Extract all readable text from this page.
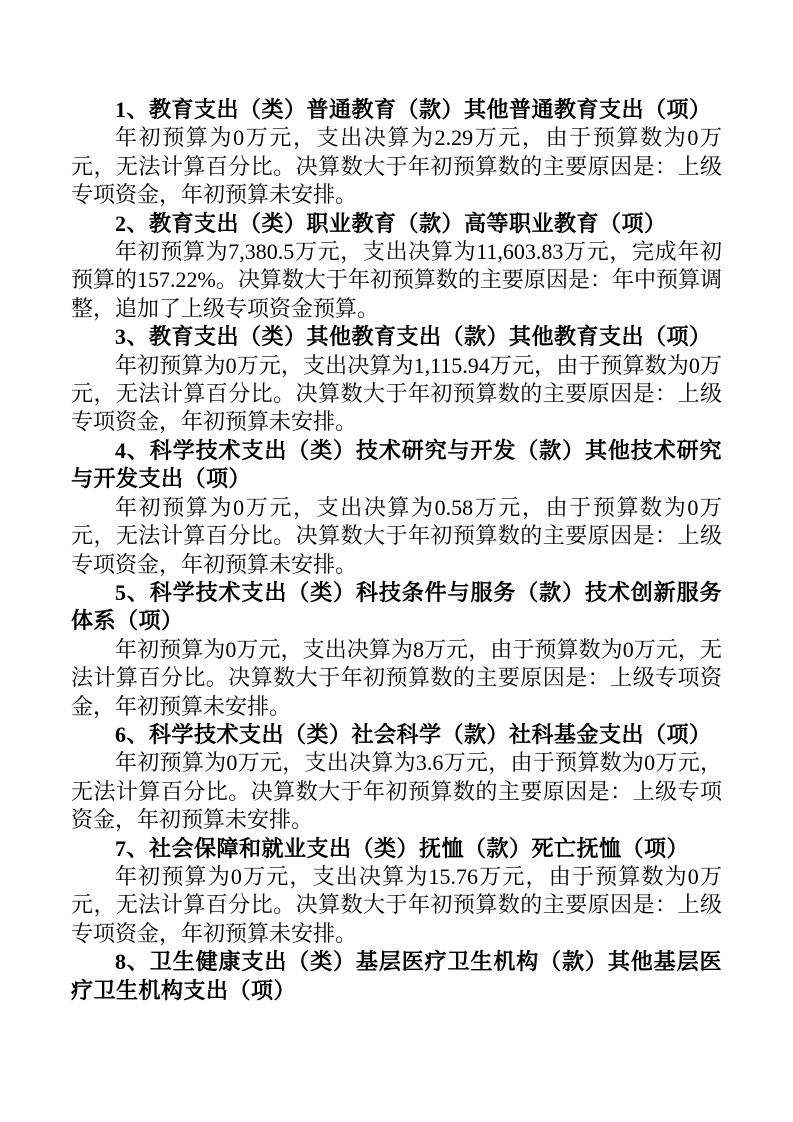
1、教育支出（类）普通教育（款）其他普通教育支出（项）

年初预算为0万元，支出决算为2.29万元，由于预算数为0万元，无法计算百分比。决算数大于年初预算数的主要原因是：上级专项资金，年初预算未安排。

2、教育支出（类）职业教育（款）高等职业教育（项）

年初预算为7,380.5万元，支出决算为11,603.83万元，完成年初预算的157.22%。决算数大于年初预算数的主要原因是：年中预算调整，追加了上级专项资金预算。

3、教育支出（类）其他教育支出（款）其他教育支出（项）

年初预算为0万元，支出决算为1,115.94万元，由于预算数为0万元，无法计算百分比。决算数大于年初预算数的主要原因是：上级专项资金，年初预算未安排。

4、科学技术支出（类）技术研究与开发（款）其他技术研究与开发支出（项）

年初预算为0万元，支出决算为0.58万元，由于预算数为0万元，无法计算百分比。决算数大于年初预算数的主要原因是：上级专项资金，年初预算未安排。

5、科学技术支出（类）科技条件与服务（款）技术创新服务体系（项）

年初预算为0万元，支出决算为8万元，由于预算数为0万元，无法计算百分比。决算数大于年初预算数的主要原因是：上级专项资金，年初预算未安排。

6、科学技术支出（类）社会科学（款）社科基金支出（项）

年初预算为0万元，支出决算为3.6万元，由于预算数为0万元，无法计算百分比。决算数大于年初预算数的主要原因是：上级专项资金，年初预算未安排。

7、社会保障和就业支出（类）抚恤（款）死亡抚恤（项）

年初预算为0万元，支出决算为15.76万元，由于预算数为0万元，无法计算百分比。决算数大于年初预算数的主要原因是：上级专项资金，年初预算未安排。

8、卫生健康支出（类）基层医疗卫生机构（款）其他基层医疗卫生机构支出（项）
